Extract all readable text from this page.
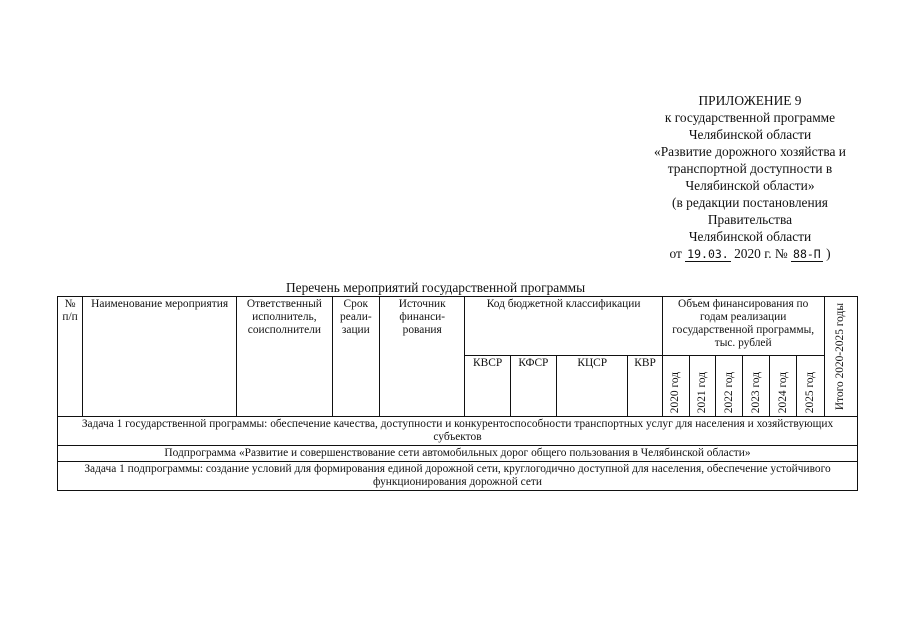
ПРИЛОЖЕНИЕ 9
к государственной программе
Челябинской области
«Развитие дорожного хозяйства и
транспортной доступности в
Челябинской области»
(в редакции постановления
Правительства
Челябинской области
от 19.03. 2020 г. № 88-П )
Перечень мероприятий государственной программы
№ п/п	Наименование мероприятия	Ответственный исполнитель, соисполнители	Срок реали-зации	Источник финанси-рования	Код бюджетной классификации				Объем финансирования по годам реализации государственной программы, тыс. рублей						Итого 2020-2025 годы

					КВСР	КФСР	КЦСР	КВР	2020 год	2021 год	2022 год	2023 год	2024 год	2025 год	

Задача 1 государственной программы: обеспечение качества, доступности и конкурентоспособности транспортных услуг для населения и хозяйствующих субъектов															
Подпрограмма «Развитие и совершенствование сети автомобильных дорог общего пользования в Челябинской области»															
Задача 1 подпрограммы: создание условий для формирования единой дорожной сети, круглогодично доступной для населения, обеспечение устойчивого функционирования дорожной сети															
